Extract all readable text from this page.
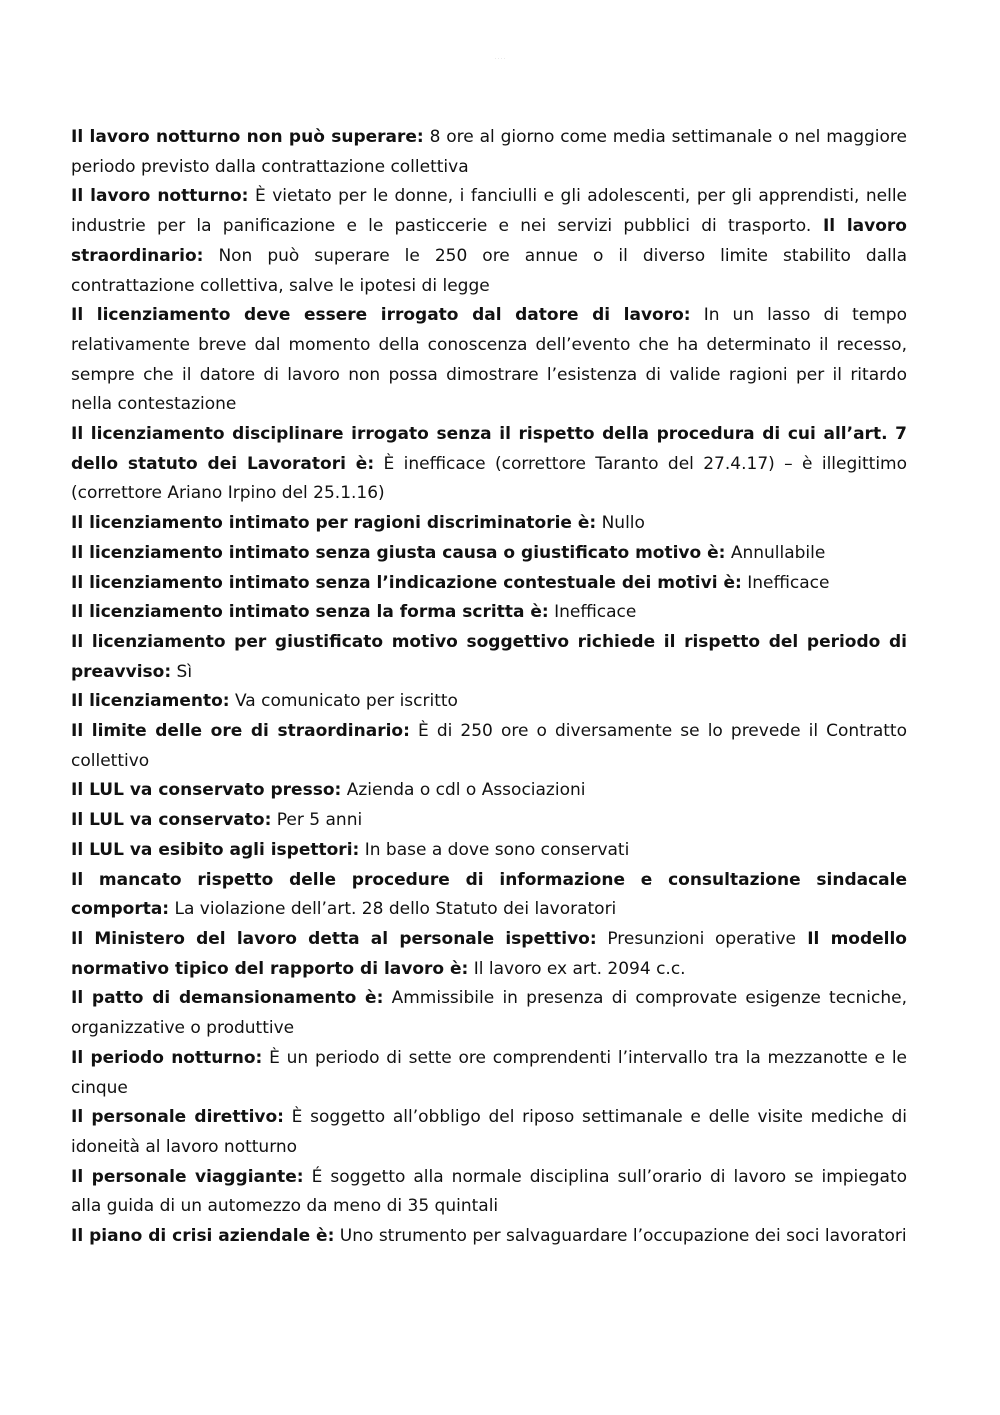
· · · ·

Il lavoro notturno non può superare: 8 ore al giorno come media settimanale o nel maggiore periodo previsto dalla contrattazione collettiva

Il lavoro notturno: È vietato per le donne, i fanciulli e gli adolescenti, per gli apprendisti, nelle industrie per la panificazione e le pasticcerie e nei servizi pubblici di trasporto. Il lavoro straordinario: Non può superare le 250 ore annue o il diverso limite stabilito dalla contrattazione collettiva, salve le ipotesi di legge

Il licenziamento deve essere irrogato dal datore di lavoro: In un lasso di tempo relativamente breve dal momento della conoscenza dell’evento che ha determinato il recesso, sempre che il datore di lavoro non possa dimostrare l’esistenza di valide ragioni per il ritardo nella contestazione

Il licenziamento disciplinare irrogato senza il rispetto della procedura di cui all’art. 7 dello statuto dei Lavoratori è: È inefficace (correttore Taranto del 27.4.17) – è illegittimo (correttore Ariano Irpino del 25.1.16)

Il licenziamento intimato per ragioni discriminatorie è: Nullo

Il licenziamento intimato senza giusta causa o giustificato motivo è: Annullabile

Il licenziamento intimato senza l’indicazione contestuale dei motivi è: Inefficace

Il licenziamento intimato senza la forma scritta è: Inefficace

Il licenziamento per giustificato motivo soggettivo richiede il rispetto del periodo di preavviso: Sì

Il licenziamento: Va comunicato per iscritto

Il limite delle ore di straordinario: È di 250 ore o diversamente se lo prevede il Contratto collettivo

Il LUL va conservato presso: Azienda o cdl o Associazioni

Il LUL va conservato: Per 5 anni

Il LUL va esibito agli ispettori: In base a dove sono conservati

Il mancato rispetto delle procedure di informazione e consultazione sindacale comporta: La violazione dell’art. 28 dello Statuto dei lavoratori

Il Ministero del lavoro detta al personale ispettivo: Presunzioni operative Il modello normativo tipico del rapporto di lavoro è: Il lavoro ex art. 2094 c.c.

Il patto di demansionamento è: Ammissibile in presenza di comprovate esigenze tecniche, organizzative o produttive

Il periodo notturno: È un periodo di sette ore comprendenti l’intervallo tra la mezzanotte e le cinque

Il personale direttivo: È soggetto all’obbligo del riposo settimanale e delle visite mediche di idoneità al lavoro notturno

Il personale viaggiante: É soggetto alla normale disciplina sull’orario di lavoro se impiegato alla guida di un automezzo da meno di 35 quintali

Il piano di crisi aziendale è: Uno strumento per salvaguardare l’occupazione dei soci lavoratori
